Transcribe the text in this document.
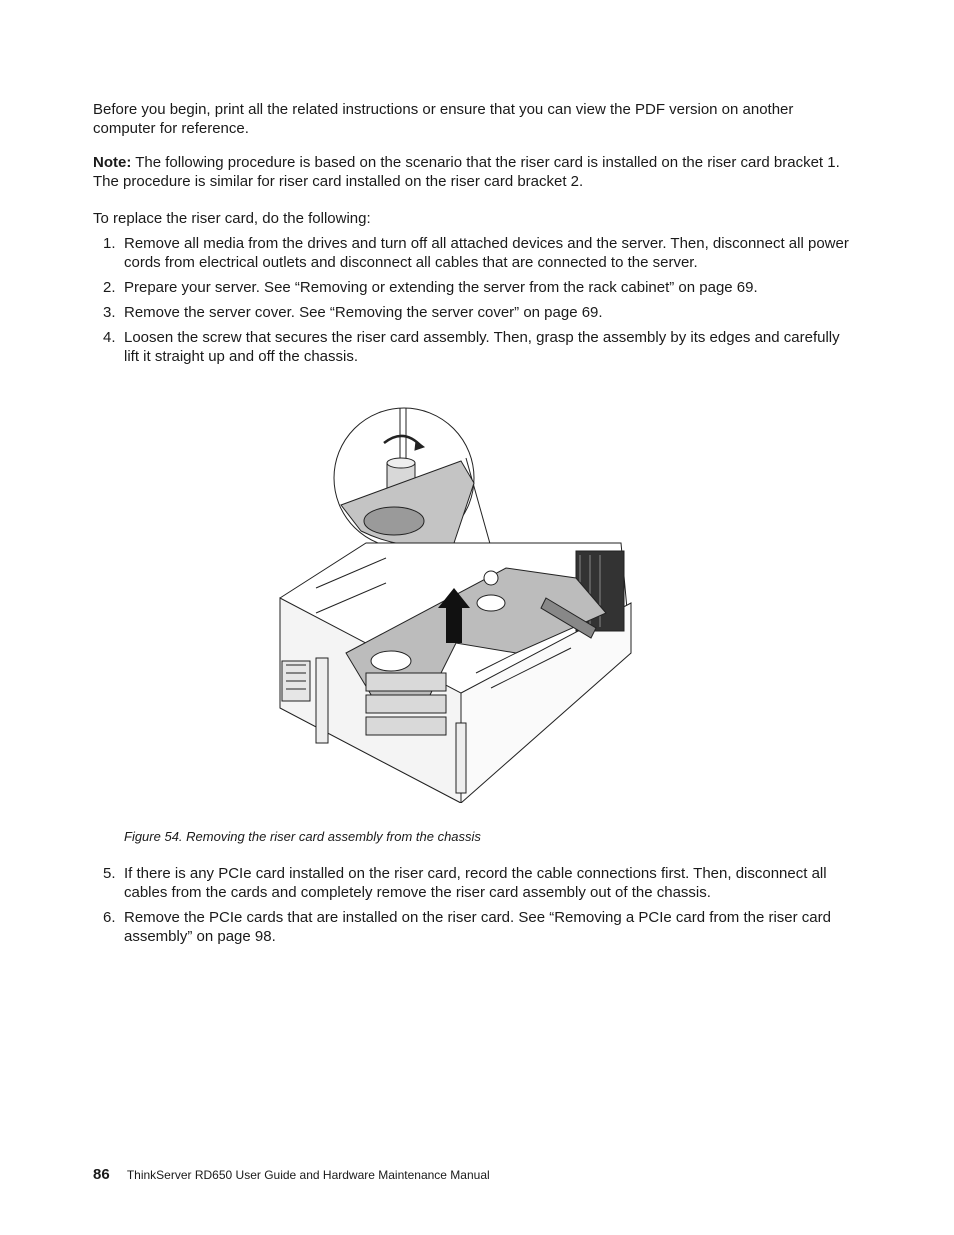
Before you begin, print all the related instructions or ensure that you can view the PDF version on another computer for reference.

Note: The following procedure is based on the scenario that the riser card is installed on the riser card bracket 1. The procedure is similar for riser card installed on the riser card bracket 2.

To replace the riser card, do the following:

1. Remove all media from the drives and turn off all attached devices and the server. Then, disconnect all power cords from electrical outlets and disconnect all cables that are connected to the server.
2. Prepare your server. See “Removing or extending the server from the rack cabinet” on page 69.
3. Remove the server cover. See “Removing the server cover” on page 69.
4. Loosen the screw that secures the riser card assembly. Then, grasp the assembly by its edges and carefully lift it straight up and off the chassis.
Figure 54. Removing the riser card assembly from the chassis
5. If there is any PCIe card installed on the riser card, record the cable connections first. Then, disconnect all cables from the cards and completely remove the riser card assembly out of the chassis.
6. Remove the PCIe cards that are installed on the riser card. See “Removing a PCIe card from the riser card assembly” on page 98.
86 ThinkServer RD650 User Guide and Hardware Maintenance Manual
